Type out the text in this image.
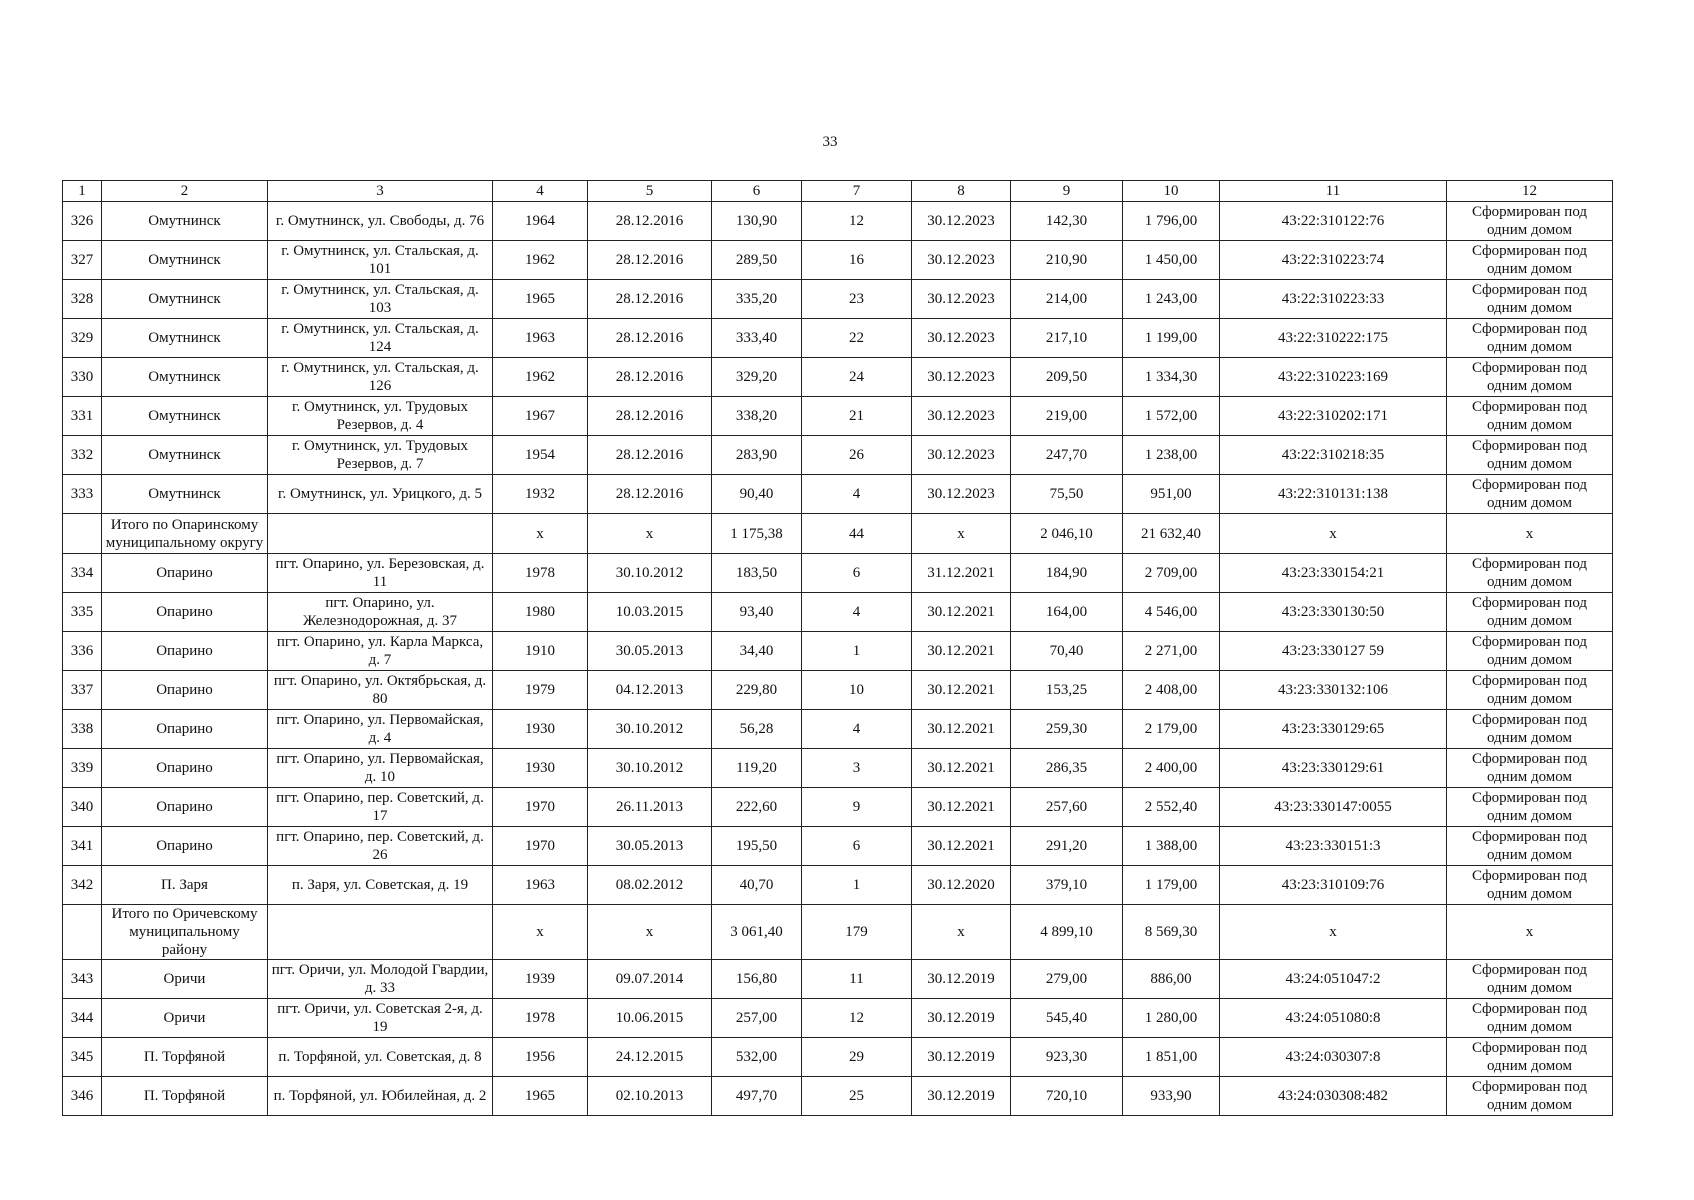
33
1	2	3	4	5	6	7	8	9	10	11	12
326	Омутнинск	г. Омутнинск, ул. Свободы, д. 76	1964	28.12.2016	130,90	12	30.12.2023	142,30	1 796,00	43:22:310122:76	Сформирован под одним домом
327	Омутнинск	г. Омутнинск, ул. Стальская, д. 101	1962	28.12.2016	289,50	16	30.12.2023	210,90	1 450,00	43:22:310223:74	Сформирован под одним домом
328	Омутнинск	г. Омутнинск, ул. Стальская, д. 103	1965	28.12.2016	335,20	23	30.12.2023	214,00	1 243,00	43:22:310223:33	Сформирован под одним домом
329	Омутнинск	г. Омутнинск, ул. Стальская, д. 124	1963	28.12.2016	333,40	22	30.12.2023	217,10	1 199,00	43:22:310222:175	Сформирован под одним домом
330	Омутнинск	г. Омутнинск, ул. Стальская, д. 126	1962	28.12.2016	329,20	24	30.12.2023	209,50	1 334,30	43:22:310223:169	Сформирован под одним домом
331	Омутнинск	г. Омутнинск, ул. Трудовых Резервов, д. 4	1967	28.12.2016	338,20	21	30.12.2023	219,00	1 572,00	43:22:310202:171	Сформирован под одним домом
332	Омутнинск	г. Омутнинск, ул. Трудовых Резервов, д. 7	1954	28.12.2016	283,90	26	30.12.2023	247,70	1 238,00	43:22:310218:35	Сформирован под одним домом
333	Омутнинск	г. Омутнинск, ул. Урицкого, д. 5	1932	28.12.2016	90,40	4	30.12.2023	75,50	951,00	43:22:310131:138	Сформирован под одним домом
	Итого по Опаринскому муниципальному округу		х	х	1 175,38	44	х	2 046,10	21 632,40	х	х
334	Опарино	пгт. Опарино, ул. Березовская, д. 11	1978	30.10.2012	183,50	6	31.12.2021	184,90	2 709,00	43:23:330154:21	Сформирован под одним домом
335	Опарино	пгт. Опарино, ул. Железнодорожная, д. 37	1980	10.03.2015	93,40	4	30.12.2021	164,00	4 546,00	43:23:330130:50	Сформирован под одним домом
336	Опарино	пгт. Опарино, ул. Карла Маркса, д. 7	1910	30.05.2013	34,40	1	30.12.2021	70,40	2 271,00	43:23:330127 59	Сформирован под одним домом
337	Опарино	пгт. Опарино, ул. Октябрьская, д. 80	1979	04.12.2013	229,80	10	30.12.2021	153,25	2 408,00	43:23:330132:106	Сформирован под одним домом
338	Опарино	пгт. Опарино, ул. Первомайская, д. 4	1930	30.10.2012	56,28	4	30.12.2021	259,30	2 179,00	43:23:330129:65	Сформирован под одним домом
339	Опарино	пгт. Опарино, ул. Первомайская, д. 10	1930	30.10.2012	119,20	3	30.12.2021	286,35	2 400,00	43:23:330129:61	Сформирован под одним домом
340	Опарино	пгт. Опарино, пер. Советский, д. 17	1970	26.11.2013	222,60	9	30.12.2021	257,60	2 552,40	43:23:330147:0055	Сформирован под одним домом
341	Опарино	пгт. Опарино, пер. Советский, д. 26	1970	30.05.2013	195,50	6	30.12.2021	291,20	1 388,00	43:23:330151:3	Сформирован под одним домом
342	П. Заря	п. Заря, ул. Советская, д. 19	1963	08.02.2012	40,70	1	30.12.2020	379,10	1 179,00	43:23:310109:76	Сформирован под одним домом
	Итого по Оричевскому муниципальному району		х	х	3 061,40	179	х	4 899,10	8 569,30	х	х
343	Оричи	пгт. Оричи, ул. Молодой Гвардии, д. 33	1939	09.07.2014	156,80	11	30.12.2019	279,00	886,00	43:24:051047:2	Сформирован под одним домом
344	Оричи	пгт. Оричи, ул. Советская 2-я, д. 19	1978	10.06.2015	257,00	12	30.12.2019	545,40	1 280,00	43:24:051080:8	Сформирован под одним домом
345	П. Торфяной	п. Торфяной, ул. Советская, д. 8	1956	24.12.2015	532,00	29	30.12.2019	923,30	1 851,00	43:24:030307:8	Сформирован под одним домом
346	П. Торфяной	п. Торфяной, ул. Юбилейная, д. 2	1965	02.10.2013	497,70	25	30.12.2019	720,10	933,90	43:24:030308:482	Сформирован под одним домом
